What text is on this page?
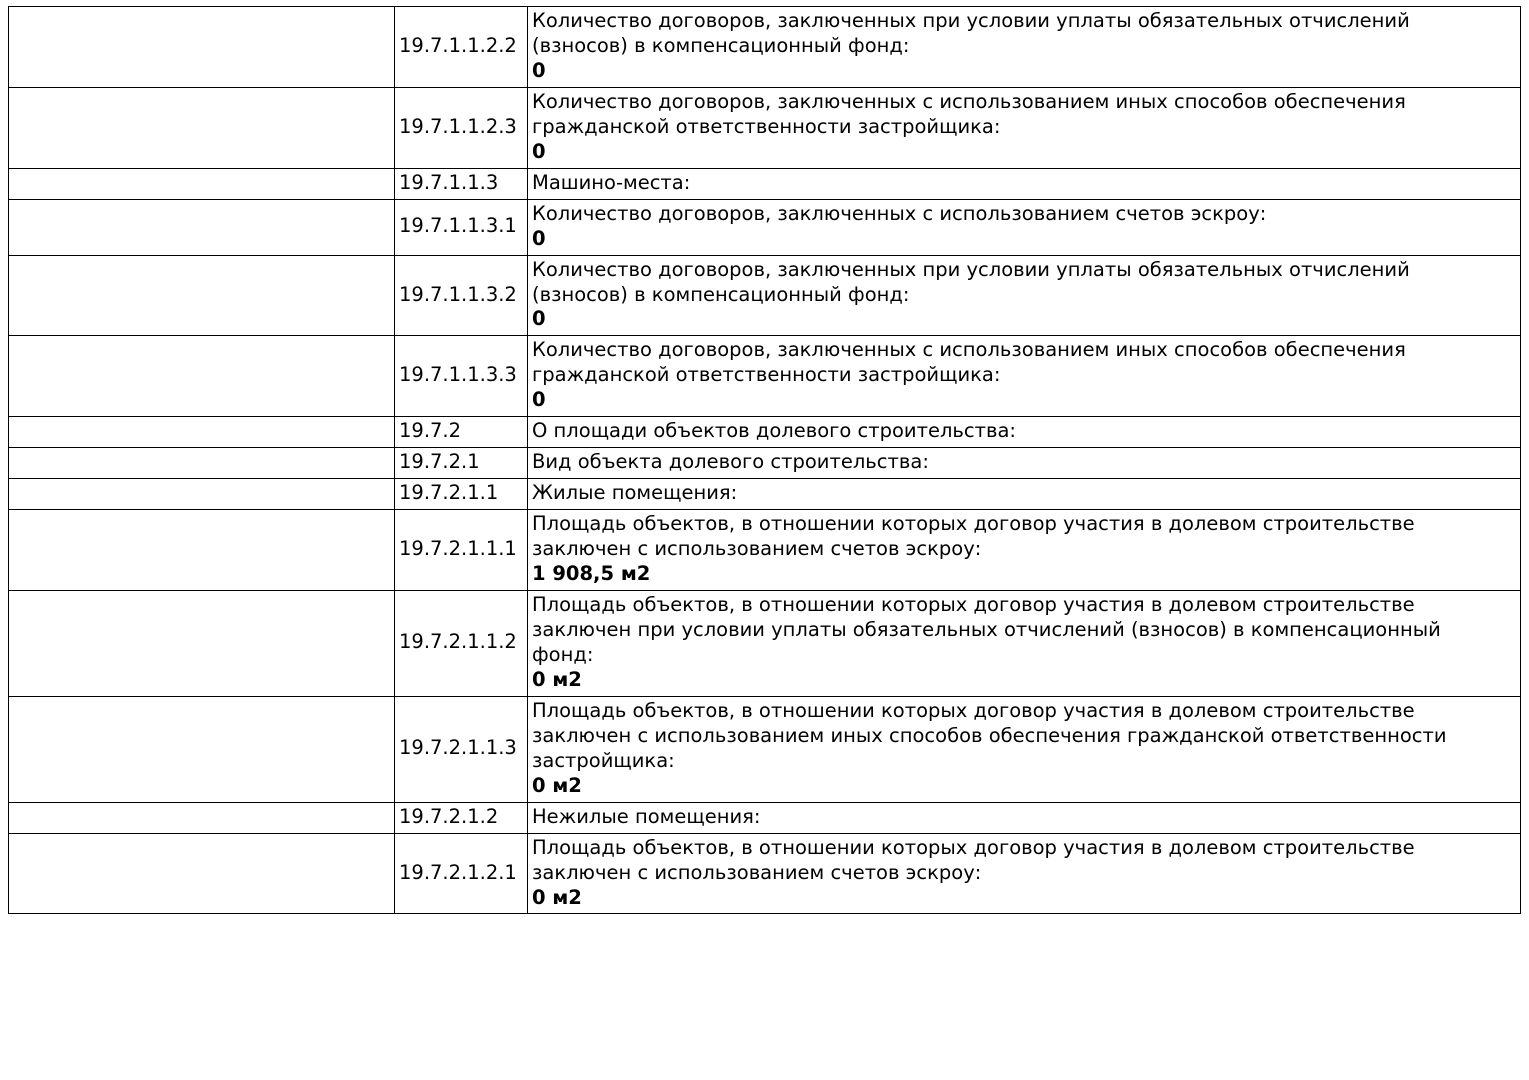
	19.7.1.1.2.2	Количество договоров, заключенных при условии уплаты обязательных отчислений
(взносов) в компенсационный фонд:
0

	19.7.1.1.2.3	Количество договоров, заключенных с использованием иных способов обеспечения
гражданской ответственности застройщика:
0

	19.7.1.1.3	Машино-места:

	19.7.1.1.3.1	Количество договоров, заключенных с использованием счетов эскроу:
0

	19.7.1.1.3.2	Количество договоров, заключенных при условии уплаты обязательных отчислений
(взносов) в компенсационный фонд:
0

	19.7.1.1.3.3	Количество договоров, заключенных с использованием иных способов обеспечения
гражданской ответственности застройщика:
0

	19.7.2	О площади объектов долевого строительства:

	19.7.2.1	Вид объекта долевого строительства:

	19.7.2.1.1	Жилые помещения:

	19.7.2.1.1.1	Площадь объектов, в отношении которых договор участия в долевом строительстве
заключен с использованием счетов эскроу:
1 908,5 м2

	19.7.2.1.1.2	Площадь объектов, в отношении которых договор участия в долевом строительстве
заключен при условии уплаты обязательных отчислений (взносов) в компенсационный
фонд:
0 м2

	19.7.2.1.1.3	Площадь объектов, в отношении которых договор участия в долевом строительстве
заключен с использованием иных способов обеспечения гражданской ответственности
застройщика:
0 м2

	19.7.2.1.2	Нежилые помещения:

	19.7.2.1.2.1	Площадь объектов, в отношении которых договор участия в долевом строительстве
заключен с использованием счетов эскроу:
0 м2
